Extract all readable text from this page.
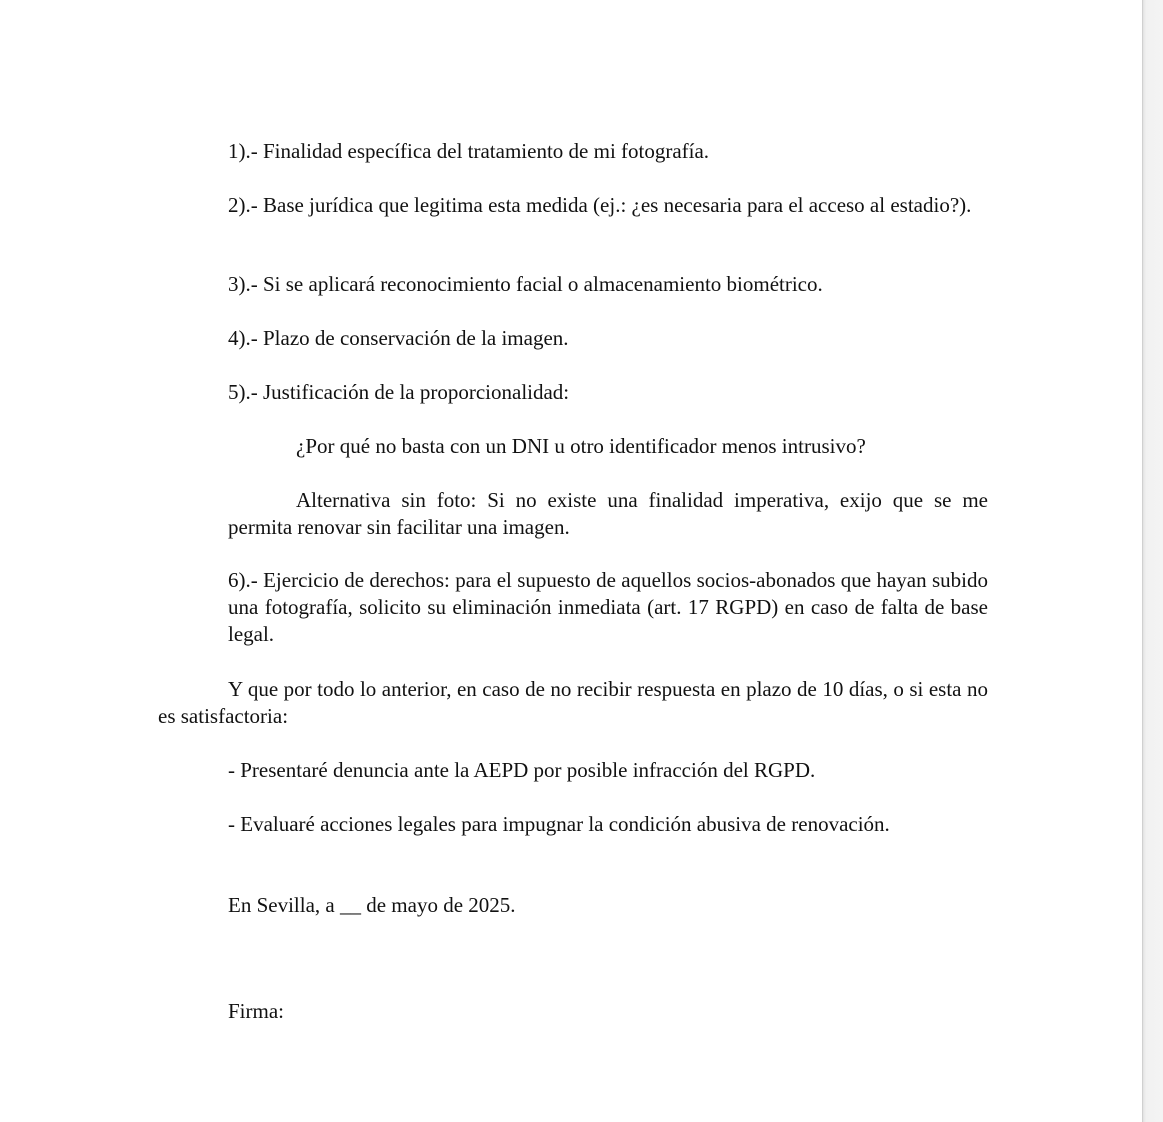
1).- Finalidad específica del tratamiento de mi fotografía.

2).- Base jurídica que legitima esta medida (ej.: ¿es necesaria para el acceso al estadio?).

3).- Si se aplicará reconocimiento facial o almacenamiento biométrico.

4).- Plazo de conservación de la imagen.

5).- Justificación de la proporcionalidad:

¿Por qué no basta con un DNI u otro identificador menos intrusivo?

Alternativa sin foto: Si no existe una finalidad imperativa, exijo que se me permita renovar sin facilitar una imagen.

6).- Ejercicio de derechos: para el supuesto de aquellos socios-abonados que hayan subido una fotografía, solicito su eliminación inmediata (art. 17 RGPD) en caso de falta de base legal.

Y que por todo lo anterior, en caso de no recibir respuesta en plazo de 10 días, o si esta no es satisfactoria:

- Presentaré denuncia ante la AEPD por posible infracción del RGPD.

- Evaluaré acciones legales para impugnar la condición abusiva de renovación.

En Sevilla, a __ de mayo de 2025.

Firma:
